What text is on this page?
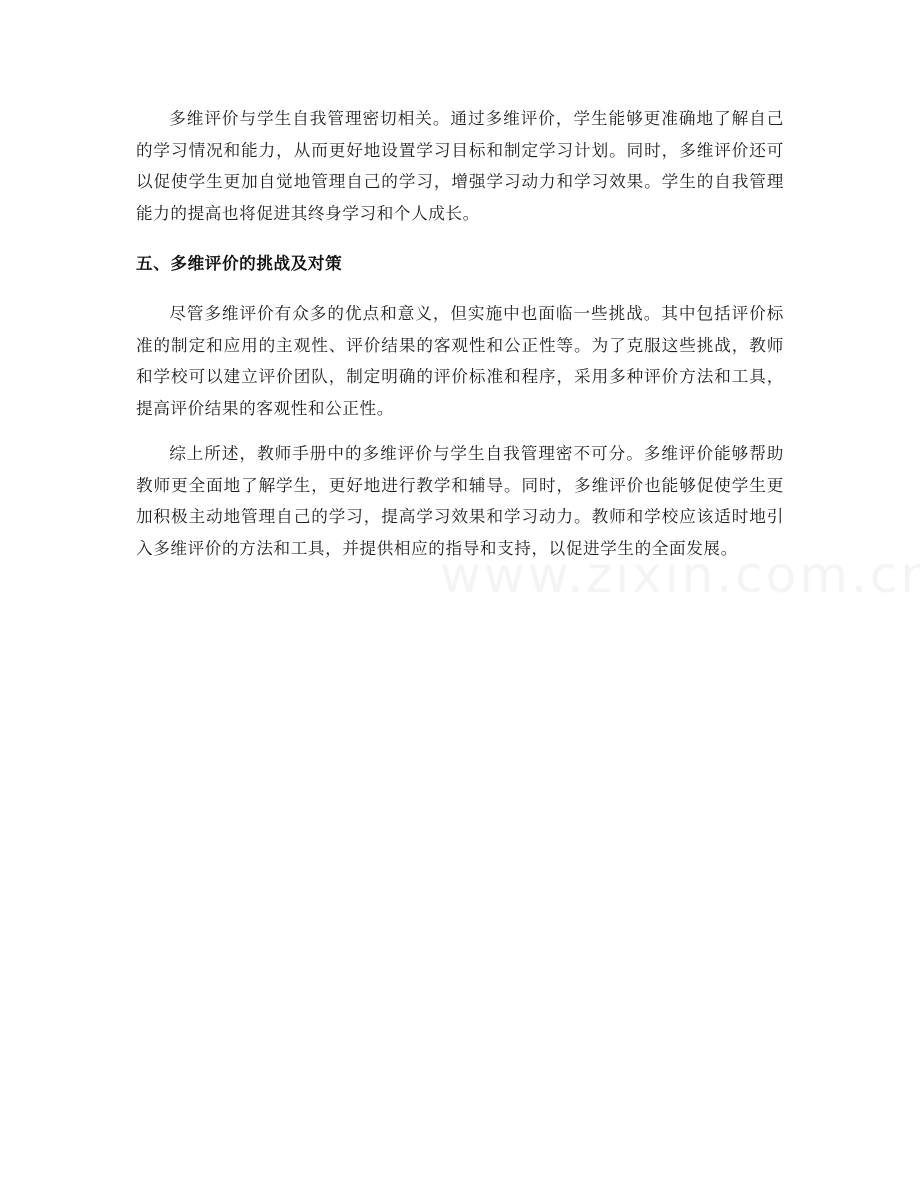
多维评价与学生自我管理密切相关。通过多维评价，学生能够更准确地了解自己的学习情况和能力，从而更好地设置学习目标和制定学习计划。同时，多维评价还可以促使学生更加自觉地管理自己的学习，增强学习动力和学习效果。学生的自我管理能力的提高也将促进其终身学习和个人成长。

五、多维评价的挑战及对策

尽管多维评价有众多的优点和意义，但实施中也面临一些挑战。其中包括评价标准的制定和应用的主观性、评价结果的客观性和公正性等。为了克服这些挑战，教师和学校可以建立评价团队，制定明确的评价标准和程序，采用多种评价方法和工具，提高评价结果的客观性和公正性。

综上所述，教师手册中的多维评价与学生自我管理密不可分。多维评价能够帮助教师更全面地了解学生，更好地进行教学和辅导。同时，多维评价也能够促使学生更加积极主动地管理自己的学习，提高学习效果和学习动力。教师和学校应该适时地引入多维评价的方法和工具，并提供相应的指导和支持，以促进学生的全面发展。
